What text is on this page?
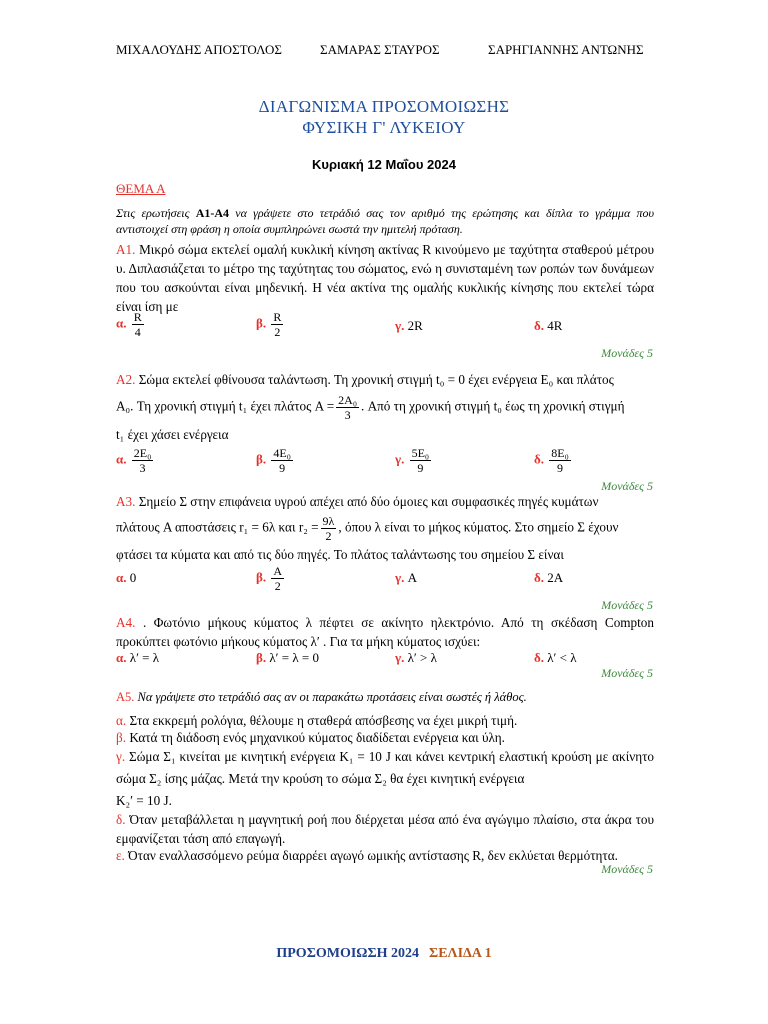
ΜΙΧΑΛΟΥΔΗΣ ΑΠΟΣΤΟΛΟΣ	ΣΑΜΑΡΑΣ ΣΤΑΥΡΟΣ	ΣΑΡΗΓΙΑΝΝΗΣ ΑΝΤΩΝΗΣ
ΔΙΑΓΩΝΙΣΜΑ ΠΡΟΣΟΜΟΙΩΣΗΣ
ΦΥΣΙΚΗ Γ' ΛΥΚΕΙΟΥ
Κυριακή 12 Μαΐου 2024
ΘΕΜΑ Α
Στις ερωτήσεις Α1-Α4 να γράψετε στο τετράδιό σας τον αριθμό της ερώτησης και δίπλα το γράμμα που αντιστοιχεί στη φράση η οποία συμπληρώνει σωστά την ημιτελή πρόταση.
Α1. Μικρό σώμα εκτελεί ομαλή κυκλική κίνηση ακτίνας R κινούμενο με ταχύτητα σταθερού μέτρου υ. Διπλασιάζεται το μέτρο της ταχύτητας του σώματος, ενώ η συνισταμένη των ροπών των δυνάμεων που του ασκούνται είναι μηδενική. Η νέα ακτίνα της ομαλής κυκλικής κίνησης που εκτελεί τώρα είναι ίση με
α. $\frac{R}{4}$	β. $\frac{R}{2}$	γ. 2R	δ. 4R
Μονάδες 5
Α2. Σώμα εκτελεί φθίνουσα ταλάντωση. Τη χρονική στιγμή t₀ = 0 έχει ενέργεια E₀ και πλάτος
A₀. Τη χρονική στιγμή t₁ έχει πλάτος $A = \frac{\text{2A₀}}{3}$ . Από τη χρονική στιγμή t₀ έως τη χρονική στιγμή
t₁ έχει χάσει ενέργεια
α. $\frac{\text{2E₀}}{3}$	β. $\frac{\text{4E₀}}{9}$	γ. $\frac{\text{5E₀}}{9}$	δ. $\frac{\text{8E₀}}{9}$
Μονάδες 5
Α3. Σημείο Σ στην επιφάνεια υγρού απέχει από δύο όμοιες και συμφασικές πηγές κυμάτων
πλάτους A αποστάσεις r₁ = 6λ και $r_2 = \frac{9\lambda}{2}$ , όπου λ είναι το μήκος κύματος. Στο σημείο Σ έχουν
φτάσει τα κύματα και από τις δύο πηγές. Το πλάτος ταλάντωσης του σημείου Σ είναι
α. 0	β. $\frac{A}{2}$	γ. A	δ. 2A
Μονάδες 5
Α4. . Φωτόνιο μήκους κύματος λ πέφτει σε ακίνητο ηλεκτρόνιο. Από τη σκέδαση Compton προκύπτει φωτόνιο μήκους κύματος λ′ . Για τα μήκη κύματος ισχύει:
α. λ′ = λ	β. λ′ = λ = 0	γ. λ′ > λ	δ. λ′ < λ
Μονάδες 5
Α5. Να γράψετε στο τετράδιό σας αν οι παρακάτω προτάσεις είναι σωστές ή λάθος.
α. Στα εκκρεμή ρολόγια, θέλουμε η σταθερά απόσβεσης να έχει μικρή τιμή.
β. Κατά τη διάδοση ενός μηχανικού κύματος διαδίδεται ενέργεια και ύλη.
γ. Σώμα Σ₁ κινείται με κινητική ενέργεια K₁ = 10 J και κάνει κεντρική ελαστική κρούση με ακίνητο σώμα Σ₂ ίσης μάζας. Μετά την κρούση το σώμα Σ₂ θα έχει κινητική ενέργεια
K₂′ = 10 J.
δ. Όταν μεταβάλλεται η μαγνητική ροή που διέρχεται μέσα από ένα αγώγιμο πλαίσιο, στα άκρα του εμφανίζεται τάση από επαγωγή.
ε. Όταν εναλλασσόμενο ρεύμα διαρρέει αγωγό ωμικής αντίστασης R, δεν εκλύεται θερμότητα.
Μονάδες 5
ΠΡΟΣΟΜΟΙΩΣΗ 2024 ΣΕΛΙΔΑ 1
